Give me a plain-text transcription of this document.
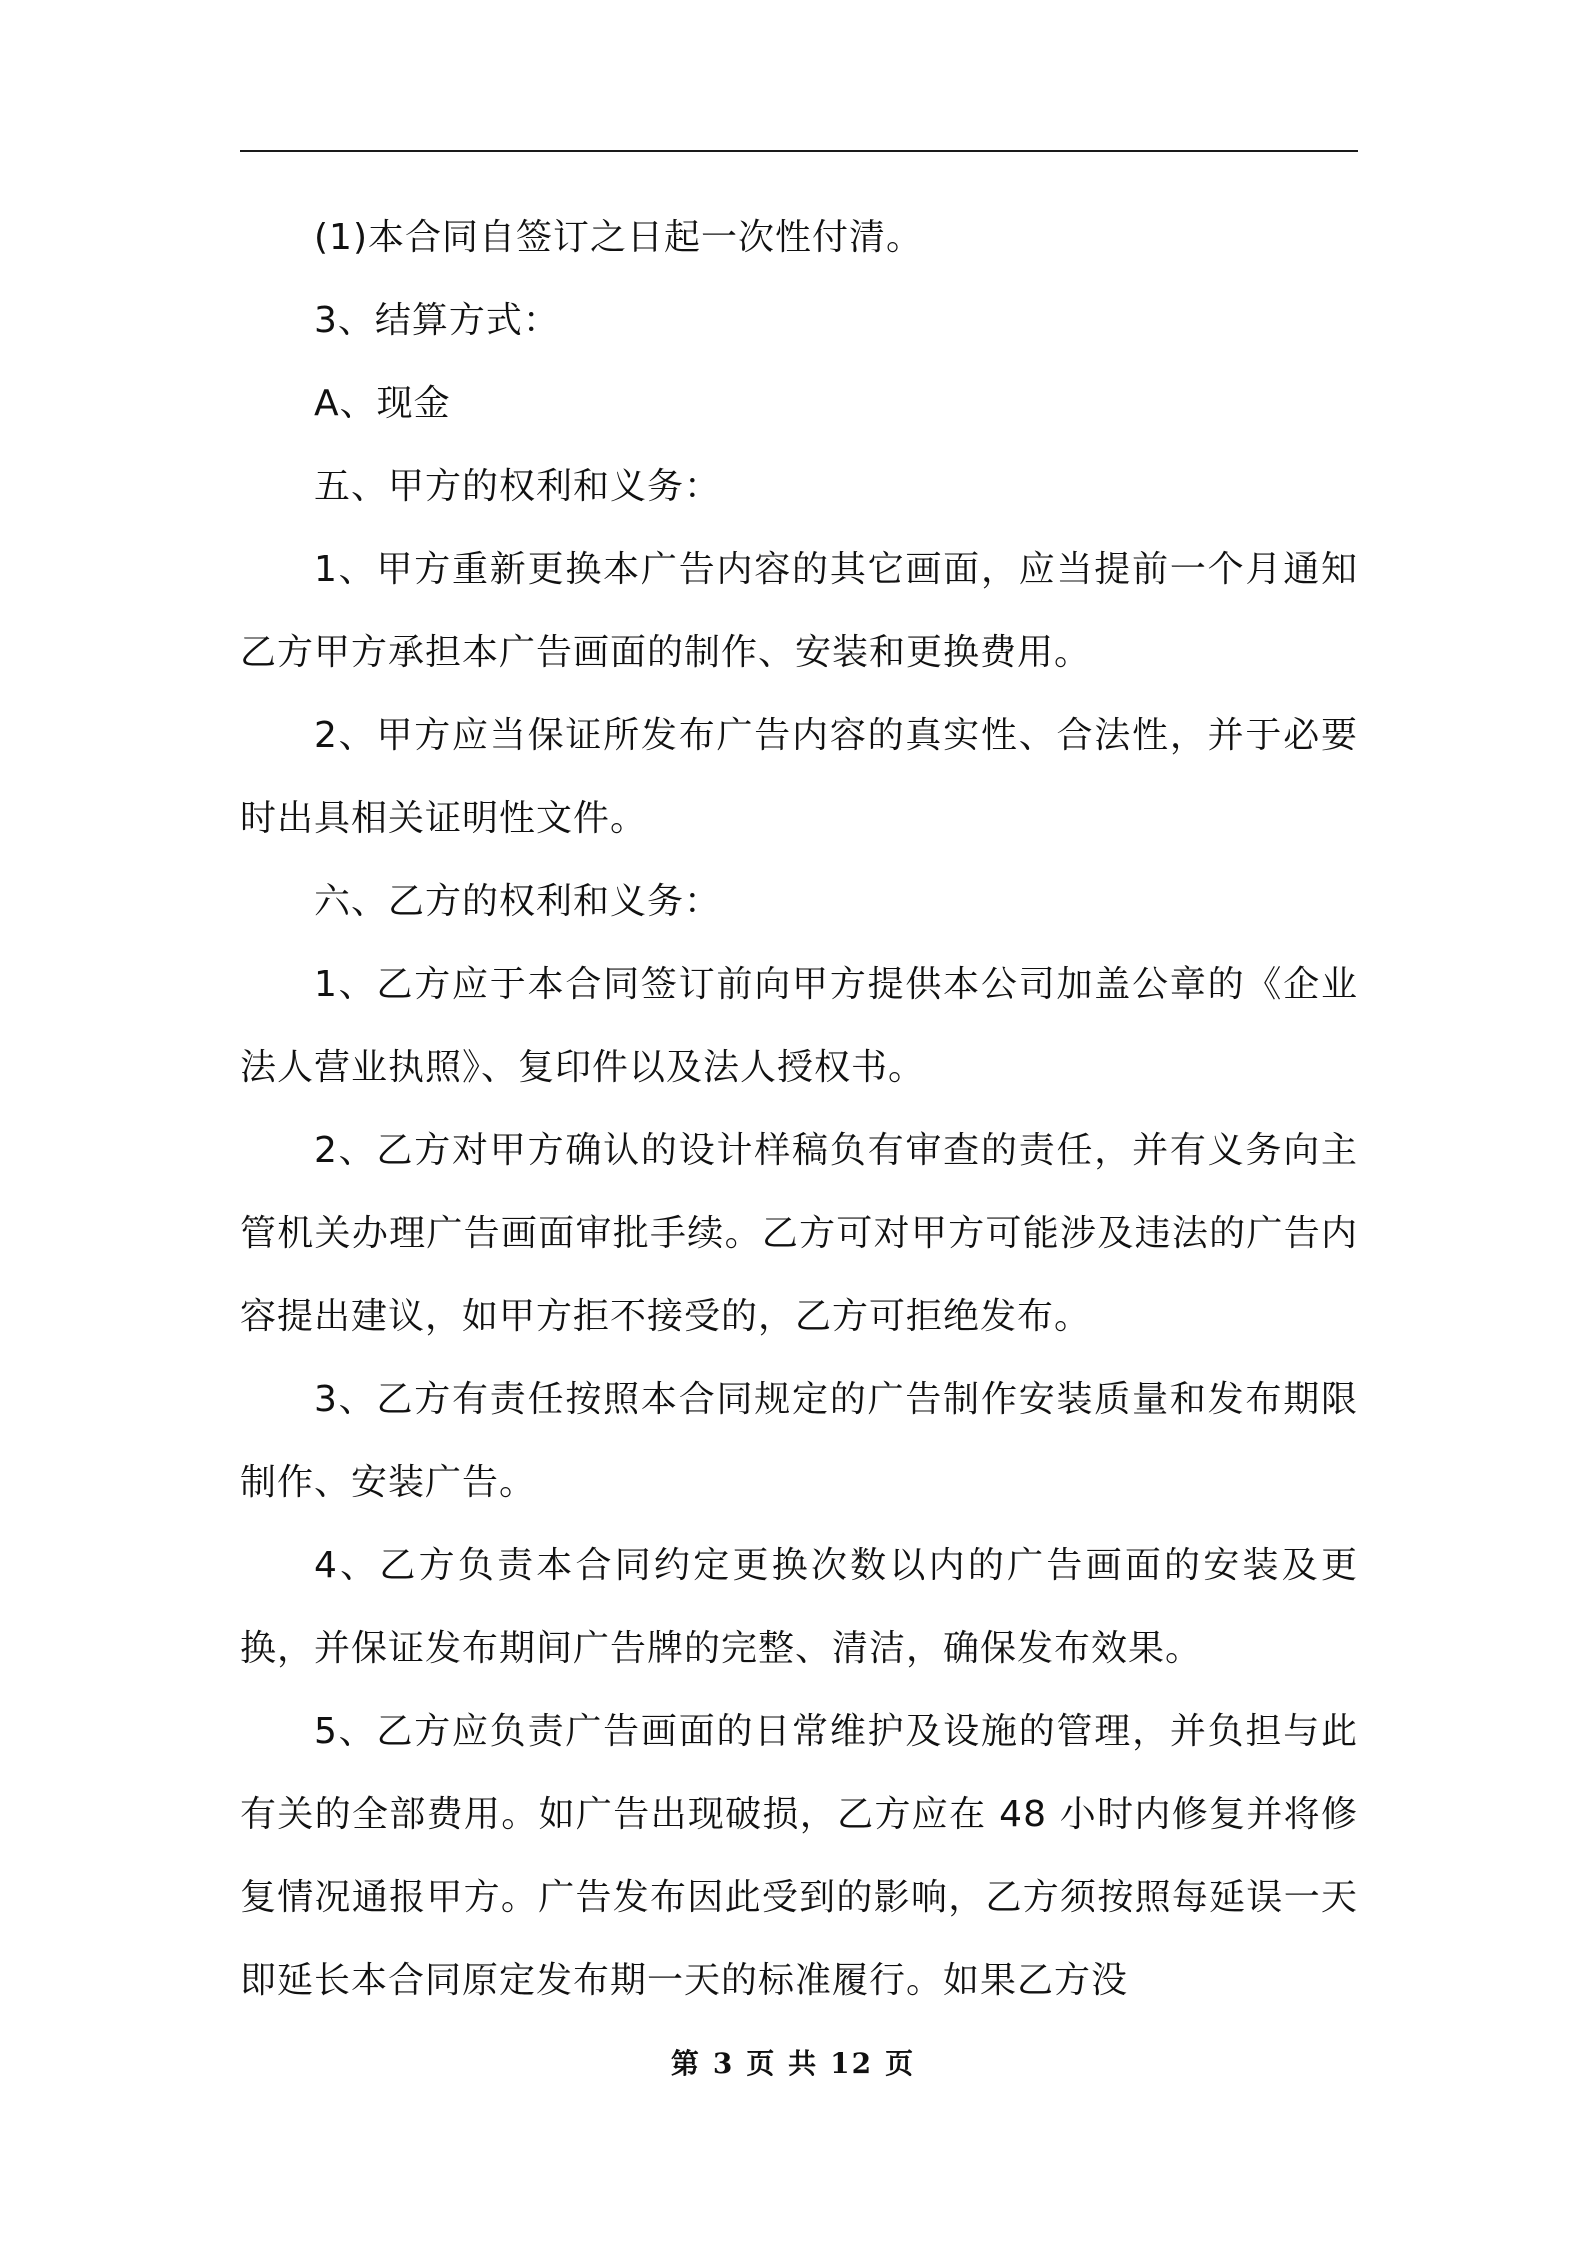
(1)本合同自签订之日起一次性付清。

3、结算方式：

A、现金

五、甲方的权利和义务：

1、甲方重新更换本广告内容的其它画面，应当提前一个月通知乙方甲方承担本广告画面的制作、安装和更换费用。

2、甲方应当保证所发布广告内容的真实性、合法性，并于必要时出具相关证明性文件。

六、乙方的权利和义务：

1、乙方应于本合同签订前向甲方提供本公司加盖公章的《企业法人营业执照》、复印件以及法人授权书。

2、乙方对甲方确认的设计样稿负有审查的责任，并有义务向主管机关办理广告画面审批手续。乙方可对甲方可能涉及违法的广告内容提出建议，如甲方拒不接受的，乙方可拒绝发布。

3、乙方有责任按照本合同规定的广告制作安装质量和发布期限制作、安装广告。

4、乙方负责本合同约定更换次数以内的广告画面的安装及更换，并保证发布期间广告牌的完整、清洁，确保发布效果。

5、乙方应负责广告画面的日常维护及设施的管理，并负担与此有关的全部费用。如广告出现破损，乙方应在 48 小时内修复并将修复情况通报甲方。广告发布因此受到的影响，乙方须按照每延误一天即延长本合同原定发布期一天的标准履行。如果乙方没

第 3 页 共 12 页
